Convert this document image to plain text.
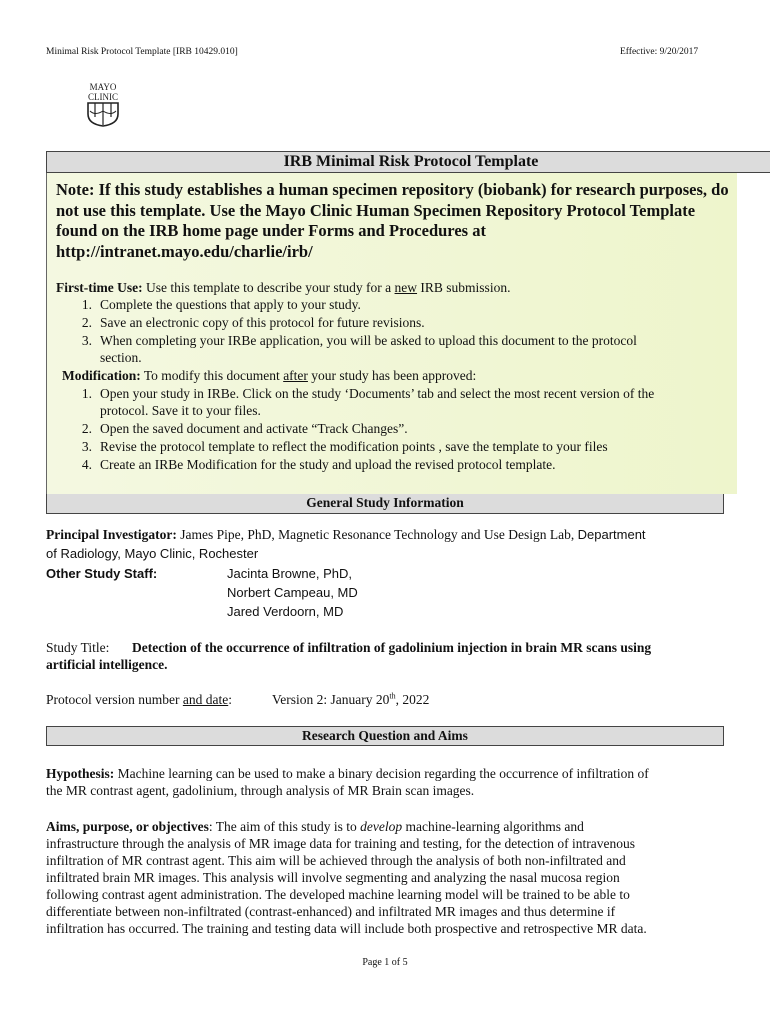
Minimal Risk Protocol Template [IRB 10429.010]	Effective: 9/20/2017
MAYO
CLINIC
IRB Minimal Risk Protocol Template
Note: If this study establishes a human specimen repository (biobank) for research purposes, do not use this template. Use the Mayo Clinic Human Specimen Repository Protocol Template found on the IRB home page under Forms and Procedures at http://intranet.mayo.edu/charlie/irb/
First-time Use: Use this template to describe your study for a new IRB submission.
1. Complete the questions that apply to your study.
2. Save an electronic copy of this protocol for future revisions.
3. When completing your IRBe application, you will be asked to upload this document to the protocol
section.
Modification: To modify this document after your study has been approved:
1. Open your study in IRBe. Click on the study ‘Documents’ tab and select the most recent version of the
protocol. Save it to your files.
2. Open the saved document and activate “Track Changes”.
3. Revise the protocol template to reflect the modification points , save the template to your files
4. Create an IRBe Modification for the study and upload the revised protocol template.
General Study Information
Principal Investigator: James Pipe, PhD, Magnetic Resonance Technology and Use Design Lab, Department
of Radiology, Mayo Clinic, Rochester
Other Study Staff:	Jacinta Browne, PhD,
Norbert Campeau, MD
Jared Verdoorn, MD
Study Title: Detection of the occurrence of infiltration of gadolinium injection in brain MR scans using
artificial intelligence.
Protocol version number and date:	Version 2: January 20th, 2022
Research Question and Aims
Hypothesis: Machine learning can be used to make a binary decision regarding the occurrence of infiltration of
the MR contrast agent, gadolinium, through analysis of MR Brain scan images.
Aims, purpose, or objectives: The aim of this study is to develop machine-learning algorithms and
infrastructure through the analysis of MR image data for training and testing, for the detection of intravenous
infiltration of MR contrast agent. This aim will be achieved through the analysis of both non-infiltrated and
infiltrated brain MR images. This analysis will involve segmenting and analyzing the nasal mucosa region
following contrast agent administration. The developed machine learning model will be trained to be able to
differentiate between non-infiltrated (contrast-enhanced) and infiltrated MR images and thus determine if
infiltration has occurred. The training and testing data will include both prospective and retrospective MR data.
Page 1 of 5
